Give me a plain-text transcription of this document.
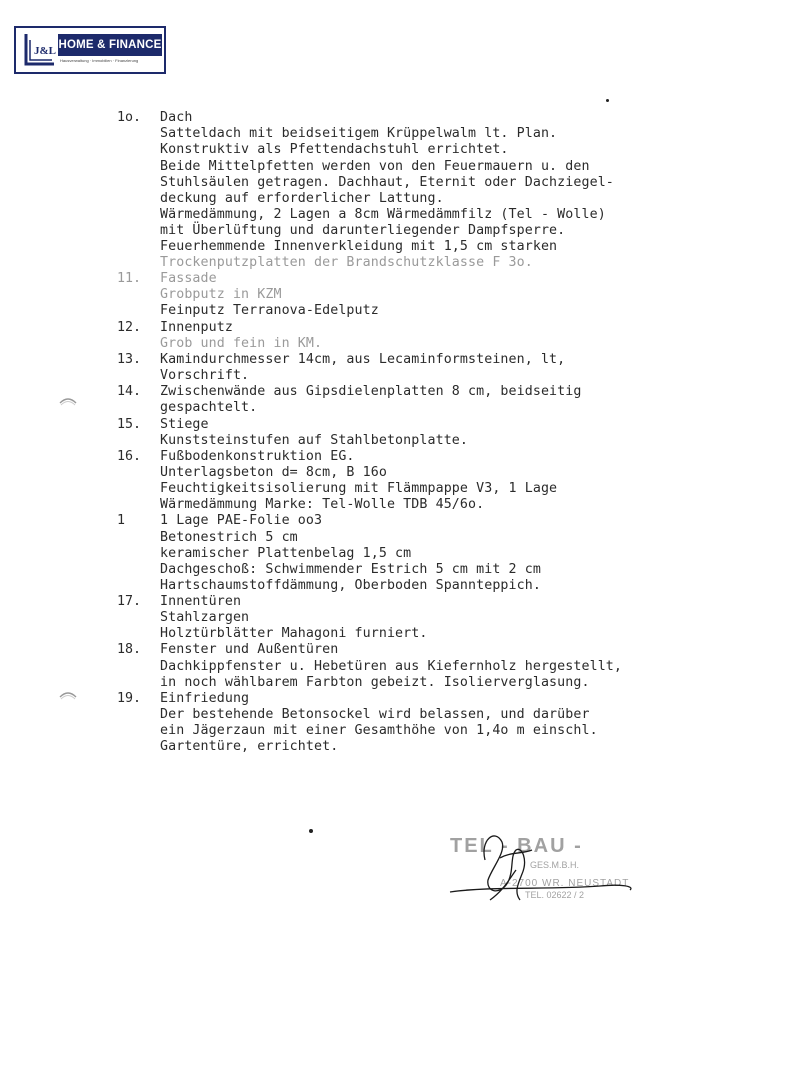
J&L HOME & FINANCE
Hausverwaltung · Immobilien · Finanzierung
1o. Dach
Satteldach mit beidseitigem Krüppelwalm lt. Plan.
Konstruktiv als Pfettendachstuhl errichtet.
Beide Mittelpfetten werden von den Feuermauern u. den
Stuhlsäulen getragen. Dachhaut, Eternit oder Dachziegel-
deckung auf erforderlicher Lattung.
Wärmedämmung, 2 Lagen a 8cm Wärmedämmfilz (Tel - Wolle)
mit Überlüftung und darunterliegender Dampfsperre.
Feuerhemmende Innenverkleidung mit 1,5 cm starken
Trockenputzplatten der Brandschutzklasse F 3o.
11. Fassade
Grobputz in KZM
Feinputz Terranova-Edelputz
12. Innenputz
Grob und fein in KM.
13. Kamindurchmesser 14cm, aus Lecaminformsteinen, lt,
Vorschrift.
14. Zwischenwände aus Gipsdielenplatten 8 cm, beidseitig
gespachtelt.
15. Stiege
Kunststeinstufen auf Stahlbetonplatte.
16. Fußbodenkonstruktion EG.
Unterlagsbeton d= 8cm, B 16o
Feuchtigkeitsisolierung mit Flämmpappe V3, 1 Lage
Wärmedämmung Marke: Tel-Wolle TDB 45/6o.
1	1 Lage PAE-Folie oo3
Betonestrich 5 cm
keramischer Plattenbelag 1,5 cm
Dachgeschoß: Schwimmender Estrich 5 cm mit 2 cm
Hartschaumstoffdämmung, Oberboden Spannteppich.
17. Innentüren
Stahlzargen
Holztürblätter Mahagoni furniert.
18. Fenster und Außentüren
Dachkippfenster u. Hebetüren aus Kiefernholz hergestellt,
in noch wählbarem Farbton gebeizt. Isolierverglasung.
19. Einfriedung
Der bestehende Betonsockel wird belassen, und darüber
ein Jägerzaun mit einer Gesamthöhe von 1,4o m einschl.
Gartentüre, errichtet.
TEL - BAU -
GES.M.B.H.
A-2700 WR. NEUSTADT
TEL. 02622 / 2
